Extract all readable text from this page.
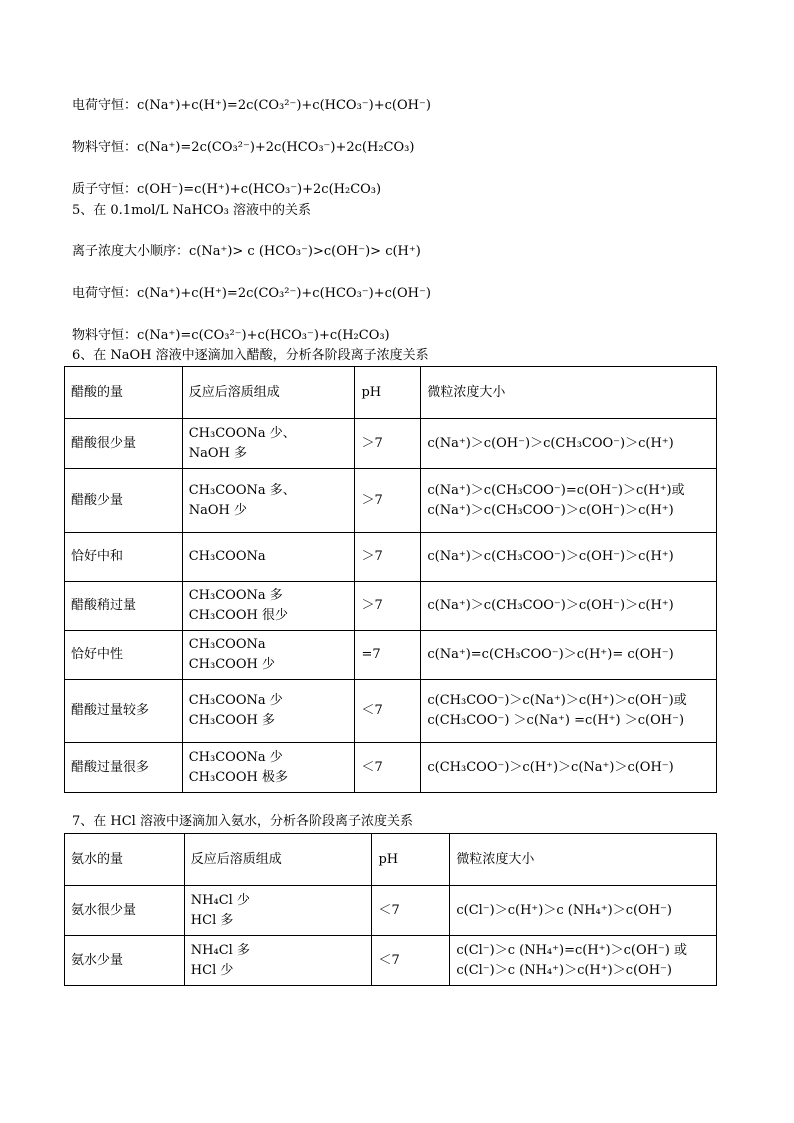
电荷守恒：c(Na⁺)+c(H⁺)=2c(CO₃²⁻)+c(HCO₃⁻)+c(OH⁻)
物料守恒：c(Na⁺)=2c(CO₃²⁻)+2c(HCO₃⁻)+2c(H₂CO₃)
质子守恒：c(OH⁻)=c(H⁺)+c(HCO₃⁻)+2c(H₂CO₃)
5、在 0.1mol/L NaHCO₃ 溶液中的关系
离子浓度大小顺序：c(Na⁺)> c (HCO₃⁻)>c(OH⁻)> c(H⁺)
电荷守恒：c(Na⁺)+c(H⁺)=2c(CO₃²⁻)+c(HCO₃⁻)+c(OH⁻)
物料守恒：c(Na⁺)=c(CO₃²⁻)+c(HCO₃⁻)+c(H₂CO₃)
6、在 NaOH 溶液中逐滴加入醋酸，分析各阶段离子浓度关系
醋酸的量	反应后溶质组成	pH	微粒浓度大小
醋酸很少量	CH₃COONa 少、
NaOH 多	＞7	c(Na⁺)＞c(OH⁻)＞c(CH₃COO⁻)＞c(H⁺)

醋酸少量	CH₃COONa 多、
NaOH 少	＞7	c(Na⁺)＞c(CH₃COO⁻)=c(OH⁻)＞c(H⁺)或
c(Na⁺)＞c(CH₃COO⁻)＞c(OH⁻)＞c(H⁺)

恰好中和	CH₃COONa	＞7	c(Na⁺)＞c(CH₃COO⁻)＞c(OH⁻)＞c(H⁺)

醋酸稍过量	CH₃COONa 多
CH₃COOH 很少	＞7	c(Na⁺)＞c(CH₃COO⁻)＞c(OH⁻)＞c(H⁺)

恰好中性	CH₃COONa
CH₃COOH 少	=7	c(Na⁺)=c(CH₃COO⁻)＞c(H⁺)= c(OH⁻)

醋酸过量较多	CH₃COONa 少
CH₃COOH 多	＜7	c(CH₃COO⁻)＞c(Na⁺)＞c(H⁺)＞c(OH⁻)或
c(CH₃COO⁻) ＞c(Na⁺) =c(H⁺) ＞c(OH⁻)

醋酸过量很多	CH₃COONa 少
CH₃COOH 极多	＜7	c(CH₃COO⁻)＞c(H⁺)＞c(Na⁺)＞c(OH⁻)
7、在 HCl 溶液中逐滴加入氨水，分析各阶段离子浓度关系
氨水的量	反应后溶质组成	pH	微粒浓度大小
氨水很少量	NH₄Cl 少
HCl 多	＜7	c(Cl⁻)＞c(H⁺)＞c (NH₄⁺)＞c(OH⁻)

氨水少量	NH₄Cl 多
HCl 少	＜7	c(Cl⁻)＞c (NH₄⁺)=c(H⁺)＞c(OH⁻) 或
c(Cl⁻)＞c (NH₄⁺)＞c(H⁺)＞c(OH⁻)
